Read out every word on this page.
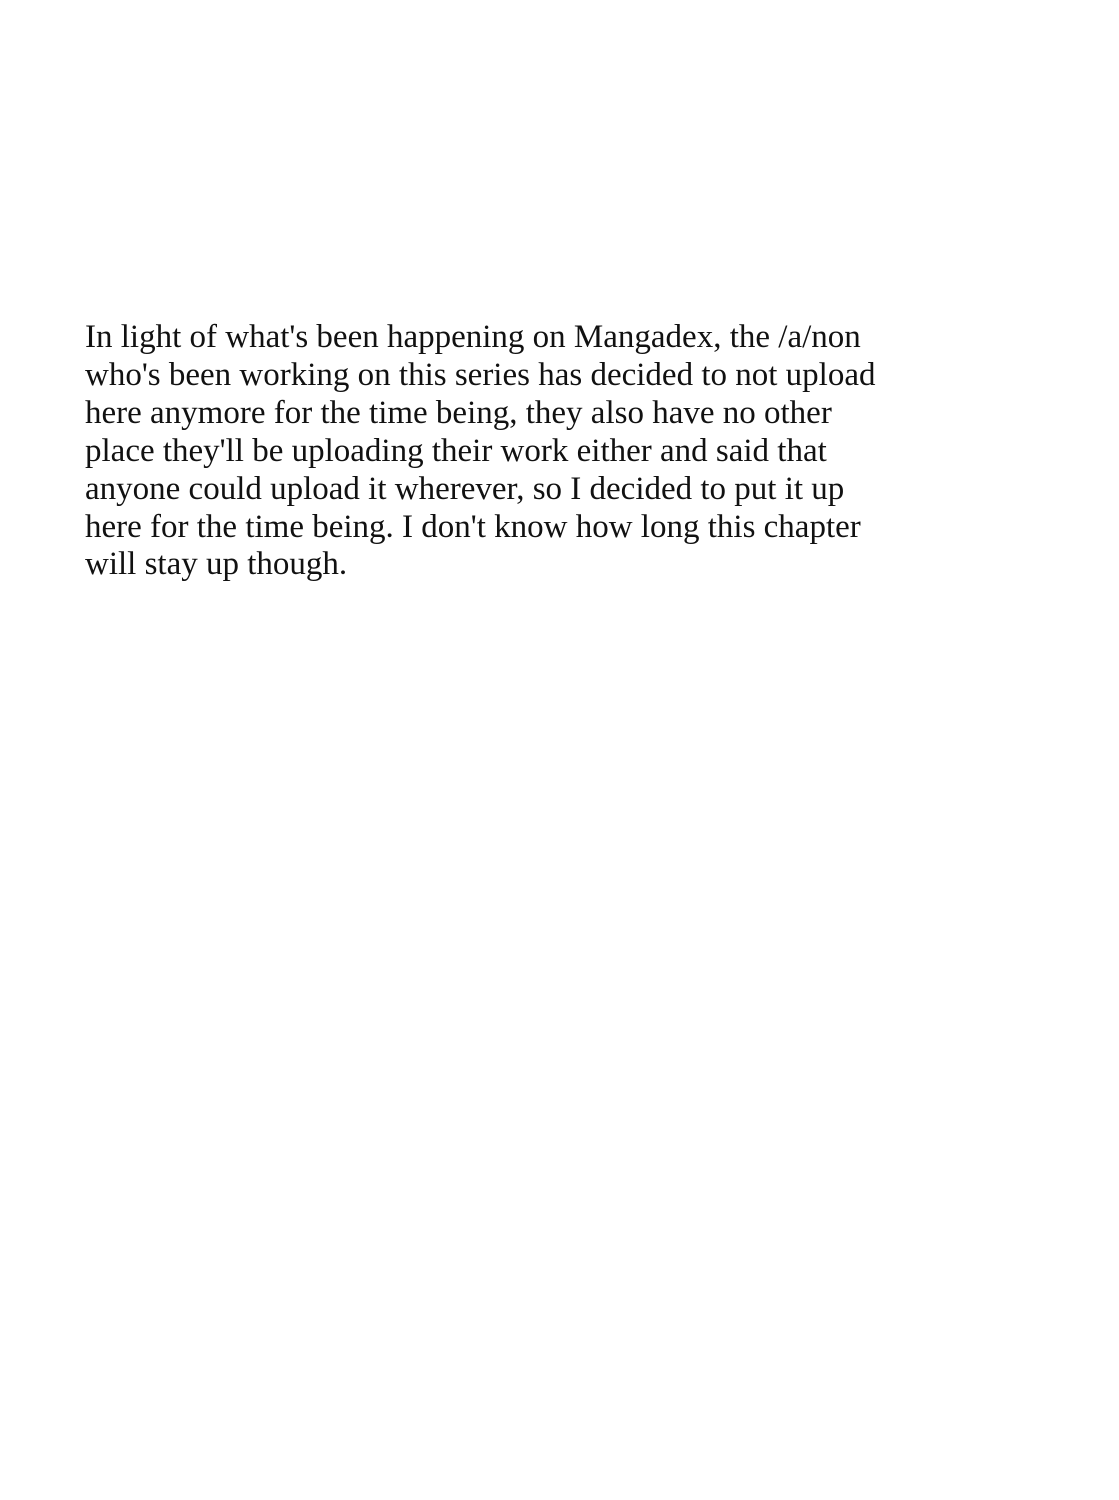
In light of what's been happening on Mangadex, the /a/non
who's been working on this series has decided to not upload
here anymore for the time being, they also have no other
place they'll be uploading their work either and said that
anyone could upload it wherever, so I decided to put it up
here for the time being. I don't know how long this chapter
will stay up though.
